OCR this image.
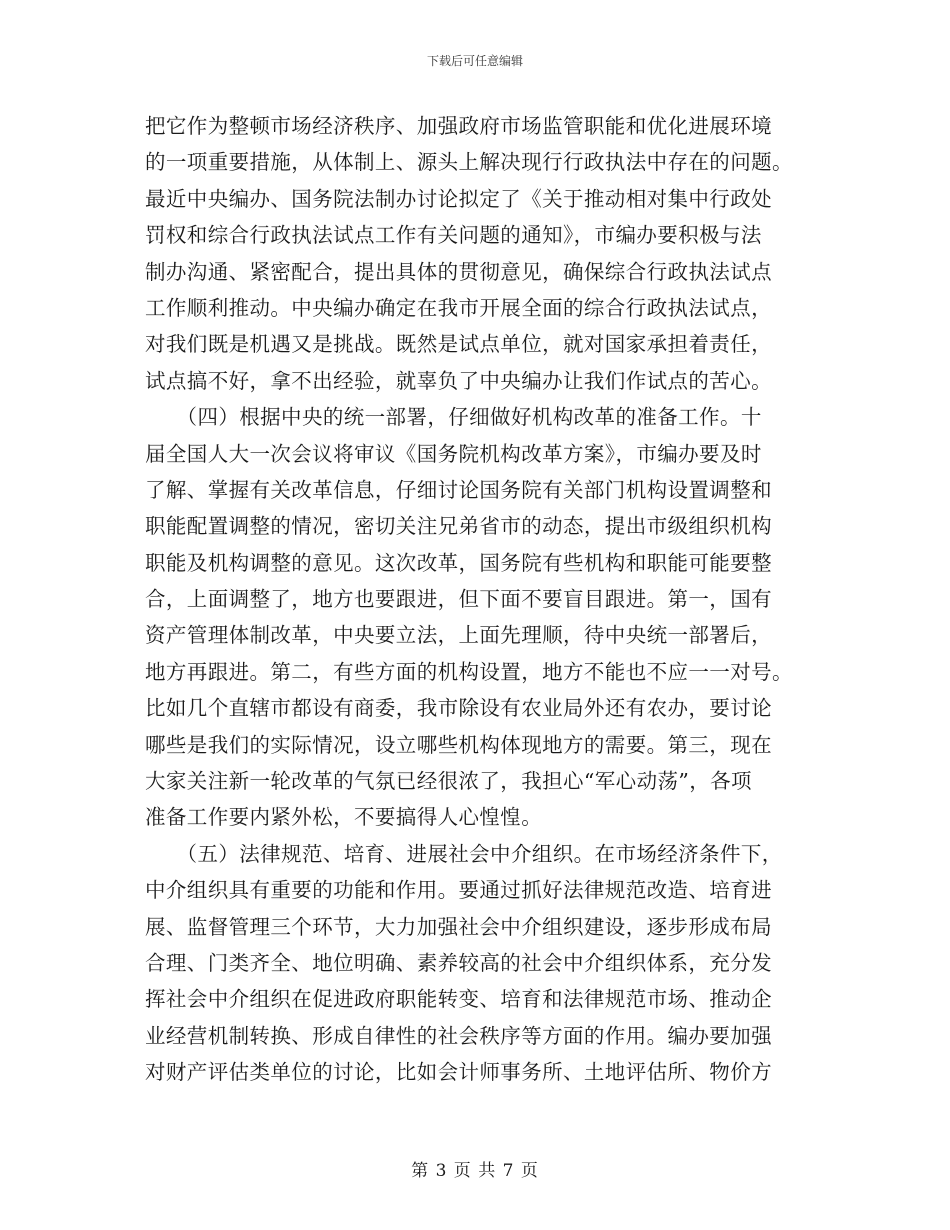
下载后可任意编辑
把它作为整顿市场经济秩序、加强政府市场监管职能和优化进展环境
的一项重要措施，从体制上、源头上解决现行行政执法中存在的问题。
最近中央编办、国务院法制办讨论拟定了《关于推动相对集中行政处
罚权和综合行政执法试点工作有关问题的通知》，市编办要积极与法
制办沟通、紧密配合，提出具体的贯彻意见，确保综合行政执法试点
工作顺利推动。中央编办确定在我市开展全面的综合行政执法试点，
对我们既是机遇又是挑战。既然是试点单位，就对国家承担着责任，
试点搞不好，拿不出经验，就辜负了中央编办让我们作试点的苦心。
　　（四）根据中央的统一部署，仔细做好机构改革的准备工作。十
届全国人大一次会议将审议《国务院机构改革方案》，市编办要及时
了解、掌握有关改革信息，仔细讨论国务院有关部门机构设置调整和
职能配置调整的情况，密切关注兄弟省市的动态，提出市级组织机构
职能及机构调整的意见。这次改革，国务院有些机构和职能可能要整
合，上面调整了，地方也要跟进，但下面不要盲目跟进。第一，国有
资产管理体制改革，中央要立法，上面先理顺，待中央统一部署后，
地方再跟进。第二，有些方面的机构设置，地方不能也不应一一对号。
比如几个直辖市都设有商委，我市除设有农业局外还有农办，要讨论
哪些是我们的实际情况，设立哪些机构体现地方的需要。第三，现在
大家关注新一轮改革的气氛已经很浓了，我担心“军心动荡”，各项
准备工作要内紧外松，不要搞得人心惶惶。
　　（五）法律规范、培育、进展社会中介组织。在市场经济条件下，
中介组织具有重要的功能和作用。要通过抓好法律规范改造、培育进
展、监督管理三个环节，大力加强社会中介组织建设，逐步形成布局
合理、门类齐全、地位明确、素养较高的社会中介组织体系，充分发
挥社会中介组织在促进政府职能转变、培育和法律规范市场、推动企
业经营机制转换、形成自律性的社会秩序等方面的作用。编办要加强
对财产评估类单位的讨论，比如会计师事务所、土地评估所、物价方
第 3 页 共 7 页
